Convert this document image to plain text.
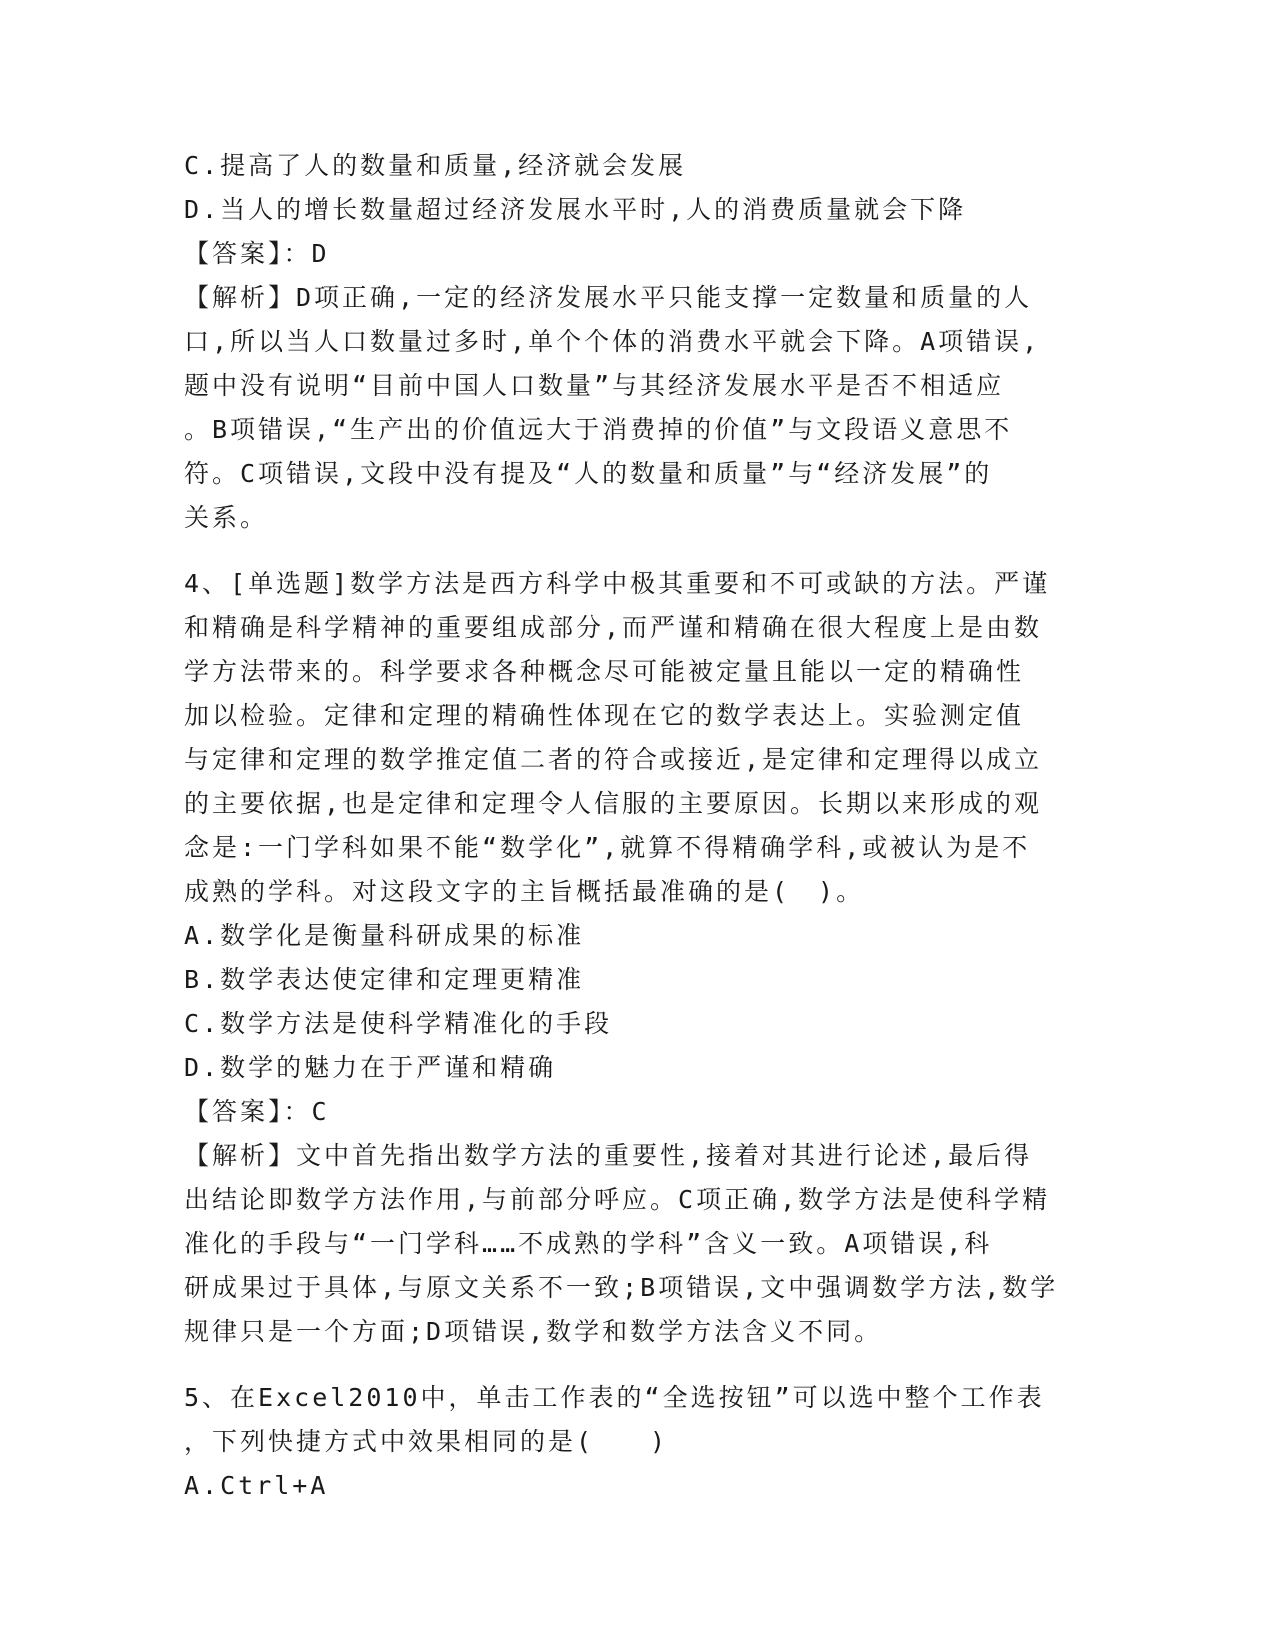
C.提高了人的数量和质量,经济就会发展
D.当人的增长数量超过经济发展水平时,人的消费质量就会下降
【答案】：D
【解析】D项正确,一定的经济发展水平只能支撑一定数量和质量的人
口,所以当人口数量过多时,单个个体的消费水平就会下降。A项错误,
题中没有说明“目前中国人口数量”与其经济发展水平是否不相适应
。B项错误,“生产出的价值远大于消费掉的价值”与文段语义意思不
符。C项错误,文段中没有提及“人的数量和质量”与“经济发展”的
关系。
4、[单选题]数学方法是西方科学中极其重要和不可或缺的方法。严谨
和精确是科学精神的重要组成部分,而严谨和精确在很大程度上是由数
学方法带来的。科学要求各种概念尽可能被定量且能以一定的精确性
加以检验。定律和定理的精确性体现在它的数学表达上。实验测定值
与定律和定理的数学推定值二者的符合或接近,是定律和定理得以成立
的主要依据,也是定律和定理令人信服的主要原因。长期以来形成的观
念是:一门学科如果不能“数学化”,就算不得精确学科,或被认为是不
成熟的学科。对这段文字的主旨概括最准确的是(　)。
A.数学化是衡量科研成果的标准
B.数学表达使定律和定理更精准
C.数学方法是使科学精准化的手段
D.数学的魅力在于严谨和精确
【答案】：C
【解析】文中首先指出数学方法的重要性,接着对其进行论述,最后得
出结论即数学方法作用,与前部分呼应。C项正确,数学方法是使科学精
准化的手段与“一门学科……不成熟的学科”含义一致。A项错误,科
研成果过于具体,与原文关系不一致;B项错误,文中强调数学方法,数学
规律只是一个方面;D项错误,数学和数学方法含义不同。
5、在Excel2010中，单击工作表的“全选按钮”可以选中整个工作表
，下列快捷方式中效果相同的是(　　)
A.Ctrl+A
